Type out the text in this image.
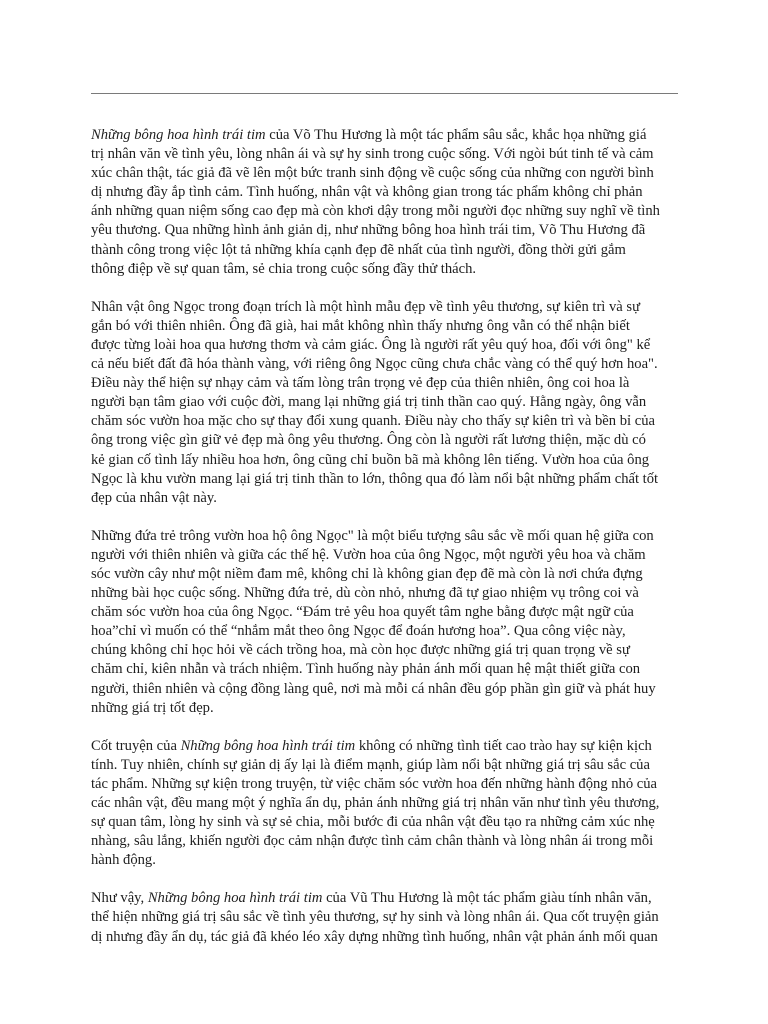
Những bông hoa hình trái tim của Võ Thu Hương là một tác phẩm sâu sắc, khắc họa những giá
trị nhân văn về tình yêu, lòng nhân ái và sự hy sinh trong cuộc sống. Với ngòi bút tinh tế và cảm
xúc chân thật, tác giả đã vẽ lên một bức tranh sinh động về cuộc sống của những con người bình
dị nhưng đầy ắp tình cảm. Tình huống, nhân vật và không gian trong tác phẩm không chỉ phản
ánh những quan niệm sống cao đẹp mà còn khơi dậy trong mỗi người đọc những suy nghĩ về tình
yêu thương. Qua những hình ảnh giản dị, như những bông hoa hình trái tim, Võ Thu Hương đã
thành công trong việc lột tả những khía cạnh đẹp đẽ nhất của tình người, đồng thời gửi gắm
thông điệp về sự quan tâm, sẻ chia trong cuộc sống đầy thử thách.

Nhân vật ông Ngọc trong đoạn trích là một hình mẫu đẹp về tình yêu thương, sự kiên trì và sự
gắn bó với thiên nhiên. Ông đã già, hai mắt không nhìn thấy nhưng ông vẫn có thể nhận biết
được từng loài hoa qua hương thơm và cảm giác. Ông là người rất yêu quý hoa, đối với ông" kể
cả nếu biết đất đã hóa thành vàng, với riêng ông Ngọc cũng chưa chắc vàng có thể quý hơn hoa".
Điều này thể hiện sự nhạy cảm và tấm lòng trân trọng vẻ đẹp của thiên nhiên, ông coi hoa là
người bạn tâm giao với cuộc đời, mang lại những giá trị tinh thần cao quý. Hằng ngày, ông vẫn
chăm sóc vườn hoa mặc cho sự thay đổi xung quanh. Điều này cho thấy sự kiên trì và bền bỉ của
ông trong việc gìn giữ vẻ đẹp mà ông yêu thương. Ông còn là người rất lương thiện, mặc dù có
kẻ gian cố tình lấy nhiều hoa hơn, ông cũng chỉ buồn bã mà không lên tiếng. Vườn hoa của ông
Ngọc là khu vườn mang lại giá trị tinh thần to lớn, thông qua đó làm nổi bật những phẩm chất tốt
đẹp của nhân vật này.

Những đứa trẻ trông vườn hoa hộ ông Ngọc" là một biểu tượng sâu sắc về mối quan hệ giữa con
người với thiên nhiên và giữa các thế hệ. Vườn hoa của ông Ngọc, một người yêu hoa và chăm
sóc vườn cây như một niềm đam mê, không chỉ là không gian đẹp đẽ mà còn là nơi chứa đựng
những bài học cuộc sống. Những đứa trẻ, dù còn nhỏ, nhưng đã tự giao nhiệm vụ trông coi và
chăm sóc vườn hoa của ông Ngọc. “Đám trẻ yêu hoa quyết tâm nghe bằng được mật ngữ của
hoa”chỉ vì muốn có thể “nhắm mắt theo ông Ngọc để đoán hương hoa”. Qua công việc này,
chúng không chỉ học hỏi về cách trồng hoa, mà còn học được những giá trị quan trọng về sự
chăm chỉ, kiên nhẫn và trách nhiệm. Tình huống này phản ánh mối quan hệ mật thiết giữa con
người, thiên nhiên và cộng đồng làng quê, nơi mà mỗi cá nhân đều góp phần gìn giữ và phát huy
những giá trị tốt đẹp.

Cốt truyện của Những bông hoa hình trái tim không có những tình tiết cao trào hay sự kiện kịch
tính. Tuy nhiên, chính sự giản dị ấy lại là điểm mạnh, giúp làm nổi bật những giá trị sâu sắc của
tác phẩm. Những sự kiện trong truyện, từ việc chăm sóc vườn hoa đến những hành động nhỏ của
các nhân vật, đều mang một ý nghĩa ẩn dụ, phản ánh những giá trị nhân văn như tình yêu thương,
sự quan tâm, lòng hy sinh và sự sẻ chia, mỗi bước đi của nhân vật đều tạo ra những cảm xúc nhẹ
nhàng, sâu lắng, khiến người đọc cảm nhận được tình cảm chân thành và lòng nhân ái trong mỗi
hành động.

Như vậy, Những bông hoa hình trái tim của Vũ Thu Hương là một tác phẩm giàu tính nhân văn,
thể hiện những giá trị sâu sắc về tình yêu thương, sự hy sinh và lòng nhân ái. Qua cốt truyện giản
dị nhưng đầy ẩn dụ, tác giả đã khéo léo xây dựng những tình huống, nhân vật phản ánh mối quan
